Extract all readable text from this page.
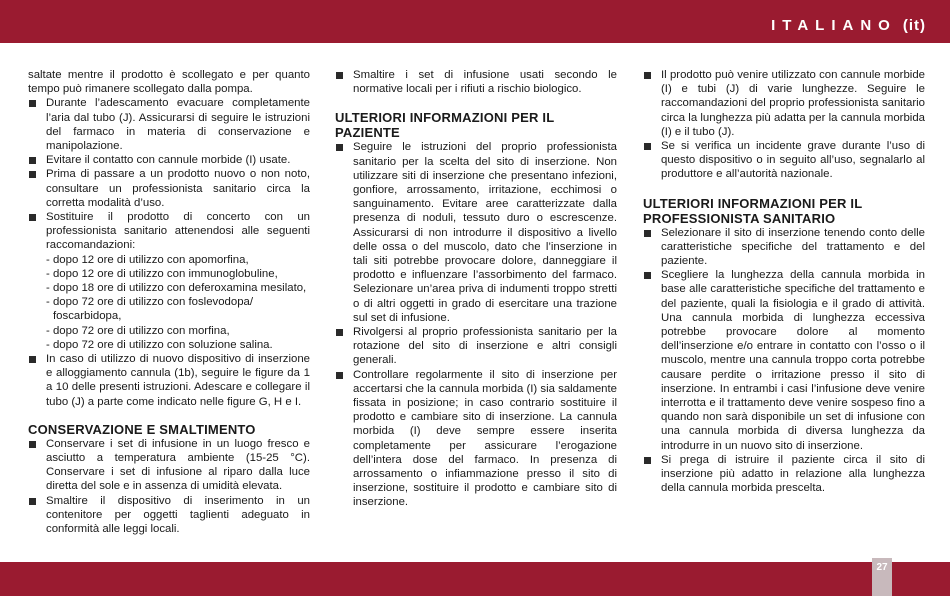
ITALIANO (it)

saltate mentre il prodotto è scollegato e per quanto tempo può rimanere scollegato dalla pompa.

Durante l’adescamento evacuare completamente l’aria dal tubo (J). Assicurarsi di seguire le istruzioni del farmaco in materia di conservazione e manipolazione.
Evitare il contatto con cannule morbide (I) usate.
Prima di passare a un prodotto nuovo o non noto, consultare un professionista sanitario circa la corretta modalità d’uso.
Sostituire il prodotto di concerto con un professionista sanitario attenendosi alle seguenti raccomandazioni:
- dopo 12 ore di utilizzo con apomorfina,
- dopo 12 ore di utilizzo con immunoglobuline,
- dopo 18 ore di utilizzo con deferoxamina mesilato,
- dopo 72 ore di utilizzo con foslevodopa/
foscarbidopa,
- dopo 72 ore di utilizzo con morfina,
- dopo 72 ore di utilizzo con soluzione salina.
In caso di utilizzo di nuovo dispositivo di inserzione e alloggiamento cannula (1b), seguire le figure da 1 a 10 delle presenti istruzioni. Adescare e collegare il tubo (J) a parte come indicato nelle figure G, H e I.
CONSERVAZIONE E SMALTIMENTO
Conservare i set di infusione in un luogo fresco e asciutto a temperatura ambiente (15-25 °C). Conservare i set di infusione al riparo dalla luce diretta del sole e in assenza di umidità elevata.
Smaltire il dispositivo di inserimento in un contenitore per oggetti taglienti adeguato in conformità alle leggi locali.
Smaltire i set di infusione usati secondo le normative locali per i rifiuti a rischio biologico.
ULTERIORI INFORMAZIONI PER IL PAZIENTE
Seguire le istruzioni del proprio professionista sanitario per la scelta del sito di inserzione. Non utilizzare siti di inserzione che presentano infezioni, gonfiore, arrossamento, irritazione, ecchimosi o sanguinamento. Evitare aree caratterizzate dalla presenza di noduli, tessuto duro o escrescenze. Assicurarsi di non introdurre il dispositivo a livello delle ossa o del muscolo, dato che l’inserzione in tali siti potrebbe provocare dolore, danneggiare il prodotto e influenzare l’assorbimento del farmaco. Selezionare un’area priva di indumenti troppo stretti o di altri oggetti in grado di esercitare una trazione sul set di infusione.
Rivolgersi al proprio professionista sanitario per la rotazione del sito di inserzione e altri consigli generali.
Controllare regolarmente il sito di inserzione per accertarsi che la cannula morbida (I) sia saldamente fissata in posizione; in caso contrario sostituire il prodotto e cambiare sito di inserzione. La cannula morbida (I) deve sempre essere inserita completamente per assicurare l’erogazione dell’intera dose del farmaco. In presenza di arrossamento o infiammazione presso il sito di inserzione, sostituire il prodotto e cambiare sito di inserzione.
Il prodotto può venire utilizzato con cannule morbide (I) e tubi (J) di varie lunghezze. Seguire le raccomandazioni del proprio professionista sanitario circa la lunghezza più adatta per la cannula morbida (I) e il tubo (J).
Se si verifica un incidente grave durante l’uso di questo dispositivo o in seguito all’uso, segnalarlo al produttore e all’autorità nazionale.
ULTERIORI INFORMAZIONI PER IL PROFESSIONISTA SANITARIO
Selezionare il sito di inserzione tenendo conto delle caratteristiche specifiche del trattamento e del paziente.
Scegliere la lunghezza della cannula morbida in base alle caratteristiche specifiche del trattamento e del paziente, quali la fisiologia e il grado di attività. Una cannula morbida di lunghezza eccessiva potrebbe provocare dolore al momento dell’inserzione e/o entrare in contatto con l’osso o il muscolo, mentre una cannula troppo corta potrebbe causare perdite o irritazione presso il sito di inserzione. In entrambi i casi l’infusione deve venire interrotta e il trattamento deve venire sospeso fino a quando non sarà disponibile un set di infusione con una cannula morbida di diversa lunghezza da introdurre in un nuovo sito di inserzione.
Si prega di istruire il paziente circa il sito di inserzione più adatto in relazione alla lunghezza della cannula morbida prescelta.
27
